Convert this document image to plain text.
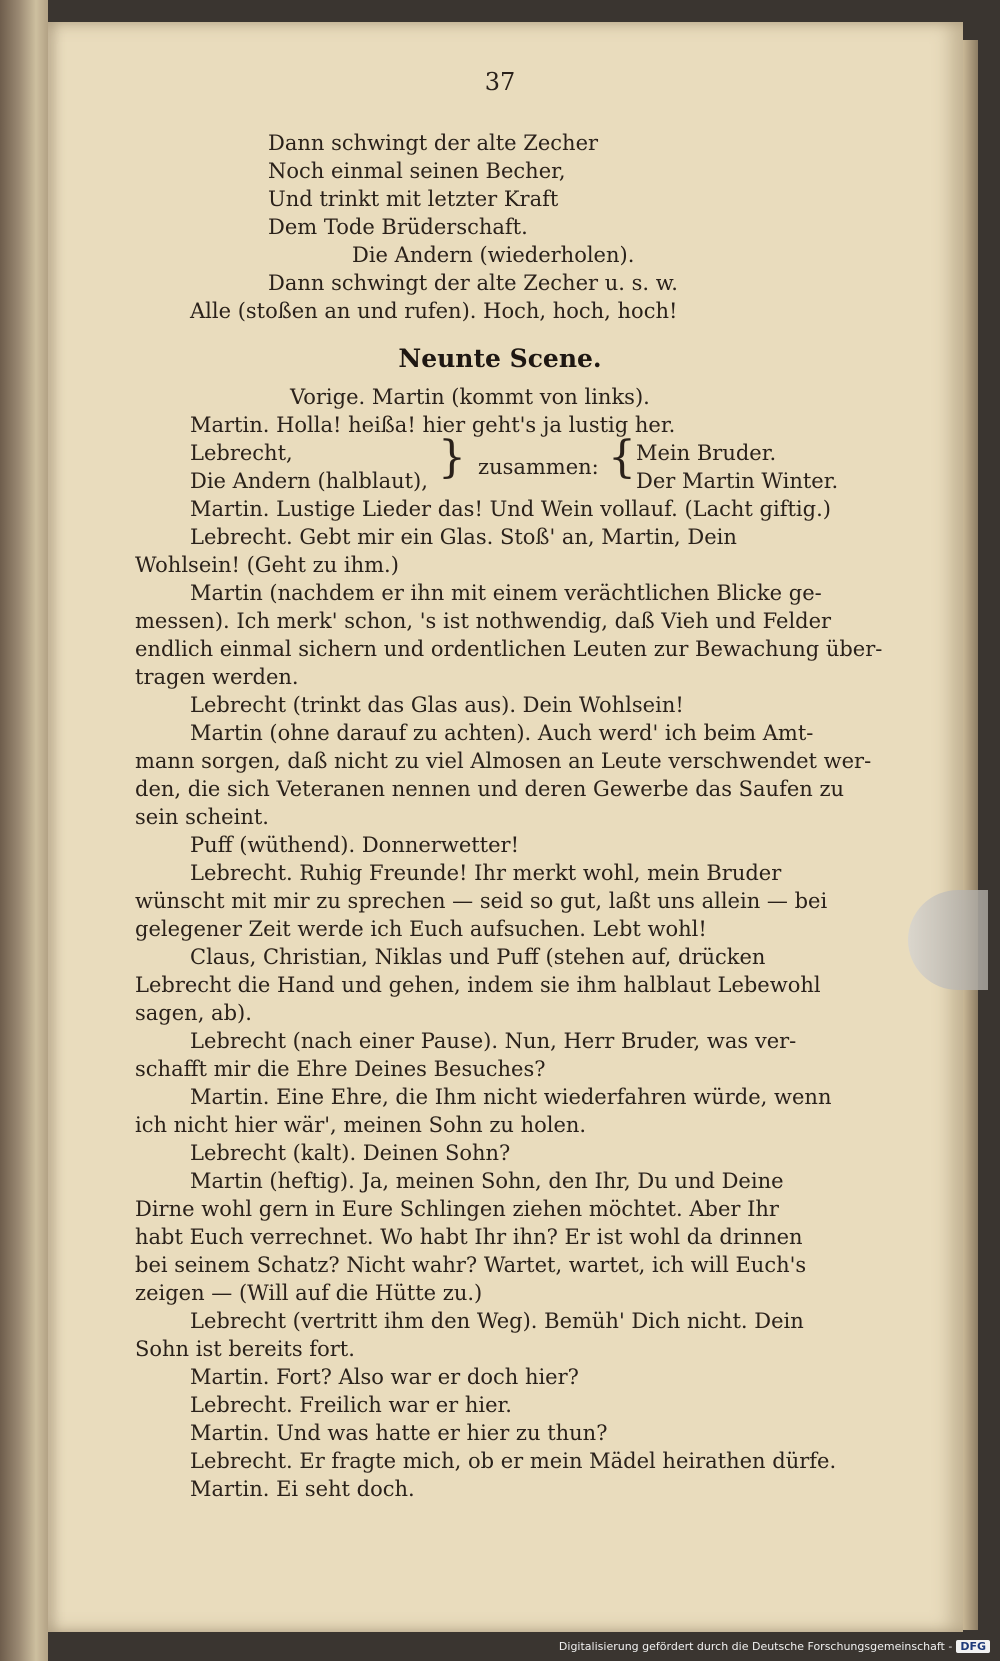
37
Dann schwingt der alte Zecher
Noch einmal seinen Becher,
Und trinkt mit letzter Kraft
Dem Tode Brüderschaft.
Die Andern (wiederholen).
Dann schwingt der alte Zecher u. s. w.
Alle (stoßen an und rufen). Hoch, hoch, hoch!
Neunte Scene.
Vorige. Martin (kommt von links).
Martin. Holla! heißa! hier geht's ja lustig her.
Lebrecht,
Die Andern (halblaut), } zusammen: { Mein Bruder.
Der Martin Winter.
Martin. Lustige Lieder das! Und Wein vollauf. (Lacht giftig.)
Lebrecht. Gebt mir ein Glas. Stoß' an, Martin, Dein
Wohlsein! (Geht zu ihm.)
Martin (nachdem er ihn mit einem verächtlichen Blicke ge-
messen). Ich merk' schon, 's ist nothwendig, daß Vieh und Felder
endlich einmal sichern und ordentlichen Leuten zur Bewachung über-
tragen werden.
Lebrecht (trinkt das Glas aus). Dein Wohlsein!
Martin (ohne darauf zu achten). Auch werd' ich beim Amt-
mann sorgen, daß nicht zu viel Almosen an Leute verschwendet wer-
den, die sich Veteranen nennen und deren Gewerbe das Saufen zu
sein scheint.
Puff (wüthend). Donnerwetter!
Lebrecht. Ruhig Freunde! Ihr merkt wohl, mein Bruder
wünscht mit mir zu sprechen — seid so gut, laßt uns allein — bei
gelegener Zeit werde ich Euch aufsuchen. Lebt wohl!
Claus, Christian, Niklas und Puff (stehen auf, drücken
Lebrecht die Hand und gehen, indem sie ihm halblaut Lebewohl
sagen, ab).
Lebrecht (nach einer Pause). Nun, Herr Bruder, was ver-
schafft mir die Ehre Deines Besuches?
Martin. Eine Ehre, die Ihm nicht wiederfahren würde, wenn
ich nicht hier wär', meinen Sohn zu holen.
Lebrecht (kalt). Deinen Sohn?
Martin (heftig). Ja, meinen Sohn, den Ihr, Du und Deine
Dirne wohl gern in Eure Schlingen ziehen möchtet. Aber Ihr
habt Euch verrechnet. Wo habt Ihr ihn? Er ist wohl da drinnen
bei seinem Schatz? Nicht wahr? Wartet, wartet, ich will Euch's
zeigen — (Will auf die Hütte zu.)
Lebrecht (vertritt ihm den Weg). Bemüh' Dich nicht. Dein
Sohn ist bereits fort.
Martin. Fort? Also war er doch hier?
Lebrecht. Freilich war er hier.
Martin. Und was hatte er hier zu thun?
Lebrecht. Er fragte mich, ob er mein Mädel heirathen dürfe.
Martin. Ei seht doch.
Digitalisierung gefördert durch die Deutsche Forschungsgemeinschaft - DFG
